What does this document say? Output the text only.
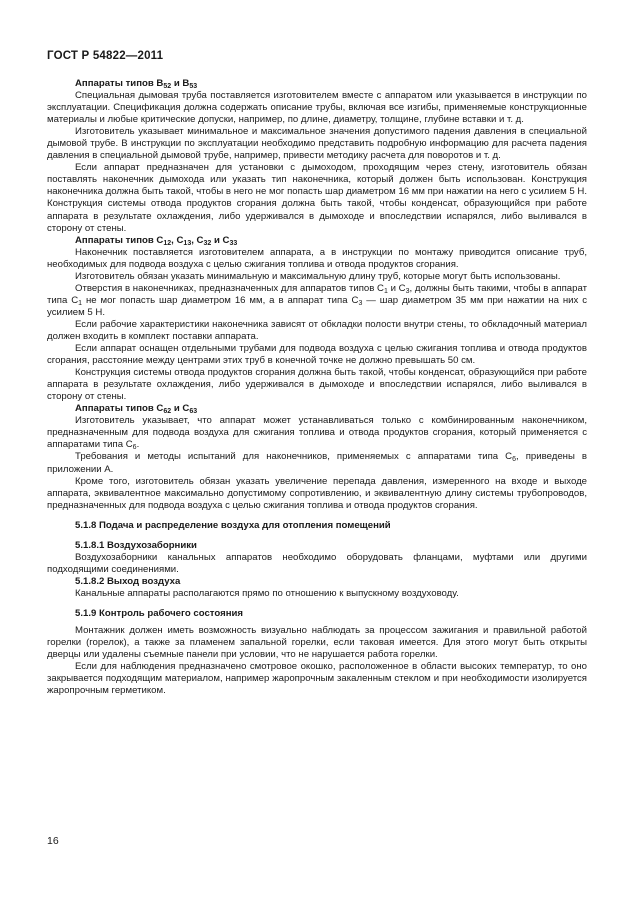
ГОСТ Р 54822—2011

Аппараты типов $B_{52}$ и $B_{53}$

Специальная дымовая труба поставляется изготовителем вместе с аппаратом или указывается в инструкции по эксплуатации. Спецификация должна содержать описание трубы, включая все изгибы, применяемые конструкционные материалы и любые критические допуски, например, по длине, диаметру, толщине, глубине вставки и т. д.

Изготовитель указывает минимальное и максимальное значения допустимого падения давления в специальной дымовой трубе. В инструкции по эксплуатации необходимо представить подробную информацию для расчета падения давления в специальной дымовой трубе, например, привести методику расчета для поворотов и т. д.

Если аппарат предназначен для установки с дымоходом, проходящим через стену, изготовитель обязан поставлять наконечник дымохода или указать тип наконечника, который должен быть использован. Конструкция наконечника должна быть такой, чтобы в него не мог попасть шар диаметром 16 мм при нажатии на него с усилием 5 Н. Конструкция системы отвода продуктов сгорания должна быть такой, чтобы конденсат, образующийся при работе аппарата в результате охлаждения, либо удерживался в дымоходе и впоследствии испарялся, либо выливался в сторону от стены.

Аппараты типов $C_{12}$, $C_{13}$, $C_{32}$ и $C_{33}$

Наконечник поставляется изготовителем аппарата, а в инструкции по монтажу приводится описание труб, необходимых для подвода воздуха с целью сжигания топлива и отвода продуктов сгорания.

Изготовитель обязан указать минимальную и максимальную длину труб, которые могут быть использованы.

Отверстия в наконечниках, предназначенных для аппаратов типов $C_1$ и $C_3$, должны быть такими, чтобы в аппарат типа $C_1$ не мог попасть шар диаметром 16 мм, а в аппарат типа $C_3$ — шар диаметром 35 мм при нажатии на них с усилием 5 Н.

Если рабочие характеристики наконечника зависят от обкладки полости внутри стены, то обкладочный материал должен входить в комплект поставки аппарата.

Если аппарат оснащен отдельными трубами для подвода воздуха с целью сжигания топлива и отвода продуктов сгорания, расстояние между центрами этих труб в конечной точке не должно превышать 50 см.

Конструкция системы отвода продуктов сгорания должна быть такой, чтобы конденсат, образующийся при работе аппарата в результате охлаждения, либо удерживался в дымоходе и впоследствии испарялся, либо выливался в сторону от стены.

Аппараты типов $C_{62}$ и $C_{63}$

Изготовитель указывает, что аппарат может устанавливаться только с комбинированным наконечником, предназначенным для подвода воздуха для сжигания топлива и отвода продуктов сгорания, который применяется с аппаратами типа $C_6$.

Требования и методы испытаний для наконечников, применяемых с аппаратами типа $C_6$, приведены в приложении А.

Кроме того, изготовитель обязан указать увеличение перепада давления, измеренного на входе и выходе аппарата, эквивалентное максимально допустимому сопротивлению, и эквивалентную длину системы трубопроводов, предназначенных для подвода воздуха с целью сжигания топлива и отвода продуктов сгорания.

5.1.8 Подача и распределение воздуха для отопления помещений

5.1.8.1 Воздухозаборники

Воздухозаборники канальных аппаратов необходимо оборудовать фланцами, муфтами или другими подходящими соединениями.

5.1.8.2 Выход воздуха

Канальные аппараты располагаются прямо по отношению к выпускному воздуховоду.

5.1.9 Контроль рабочего состояния

Монтажник должен иметь возможность визуально наблюдать за процессом зажигания и правильной работой горелки (горелок), а также за пламенем запальной горелки, если таковая имеется. Для этого могут быть открыты дверцы или удалены съемные панели при условии, что не нарушается работа горелки.

Если для наблюдения предназначено смотровое окошко, расположенное в области высоких температур, то оно закрывается подходящим материалом, например жаропрочным закаленным стеклом и при необходимости изолируется жаропрочным герметиком.

16
